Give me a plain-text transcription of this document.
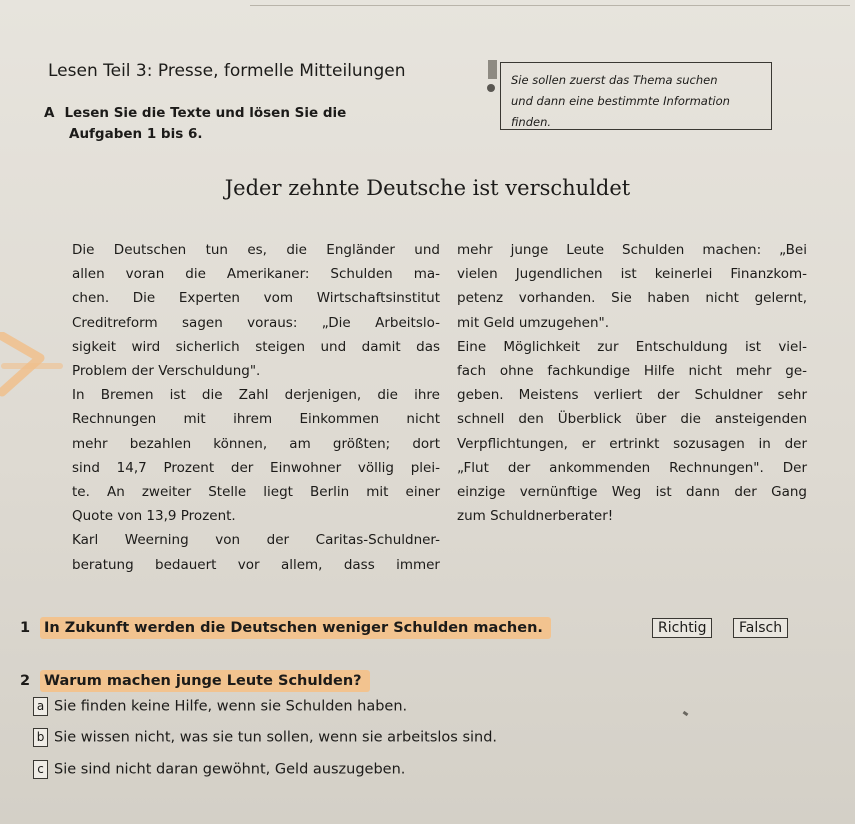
Lesen Teil 3: Presse, formelle Mitteilungen
A Lesen Sie die Texte und lösen Sie die
Aufgaben 1 bis 6.
Sie sollen zuerst das Thema suchen
und dann eine bestimmte Information
finden.
Jeder zehnte Deutsche ist verschuldet
Die Deutschen tun es, die Engländer und
allen voran die Amerikaner: Schulden ma-
chen. Die Experten vom Wirtschaftsinstitut
Creditreform sagen voraus: „Die Arbeitslo-
sigkeit wird sicherlich steigen und damit das
Problem der Verschuldung".
In Bremen ist die Zahl derjenigen, die ihre
Rechnungen mit ihrem Einkommen nicht
mehr bezahlen können, am größten; dort
sind 14,7 Prozent der Einwohner völlig plei-
te. An zweiter Stelle liegt Berlin mit einer
Quote von 13,9 Prozent.
Karl Weerning von der Caritas-Schuldner-
beratung bedauert vor allem, dass immer
mehr junge Leute Schulden machen: „Bei
vielen Jugendlichen ist keinerlei Finanzkom-
petenz vorhanden. Sie haben nicht gelernt,
mit Geld umzugehen".
Eine Möglichkeit zur Entschuldung ist viel-
fach ohne fachkundige Hilfe nicht mehr ge-
geben. Meistens verliert der Schuldner sehr
schnell den Überblick über die ansteigenden
Verpflichtungen, er ertrinkt sozusagen in der
„Flut der ankommenden Rechnungen". Der
einzige vernünftige Weg ist dann der Gang
zum Schuldnerberater!
1 In Zukunft werden die Deutschen weniger Schulden machen.	Richtig	Falsch
2 Warum machen junge Leute Schulden?
a Sie finden keine Hilfe, wenn sie Schulden haben.
b Sie wissen nicht, was sie tun sollen, wenn sie arbeitslos sind.
c Sie sind nicht daran gewöhnt, Geld auszugeben.
